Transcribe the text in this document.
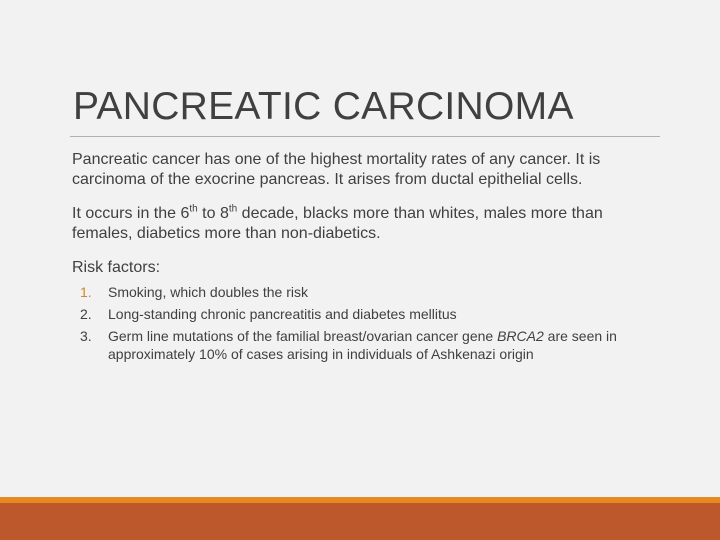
PANCREATIC CARCINOMA

Pancreatic cancer has one of the highest mortality rates of any cancer. It is carcinoma of the exocrine pancreas. It arises from ductal epithelial cells.

It occurs in the 6th to 8th decade, blacks more than whites, males more than females, diabetics more than non-diabetics.

Risk factors:

1. Smoking, which doubles the risk
2. Long-standing chronic pancreatitis and diabetes mellitus
3. Germ line mutations of the familial breast/ovarian cancer gene BRCA2 are seen in approximately 10% of cases arising in individuals of Ashkenazi origin
